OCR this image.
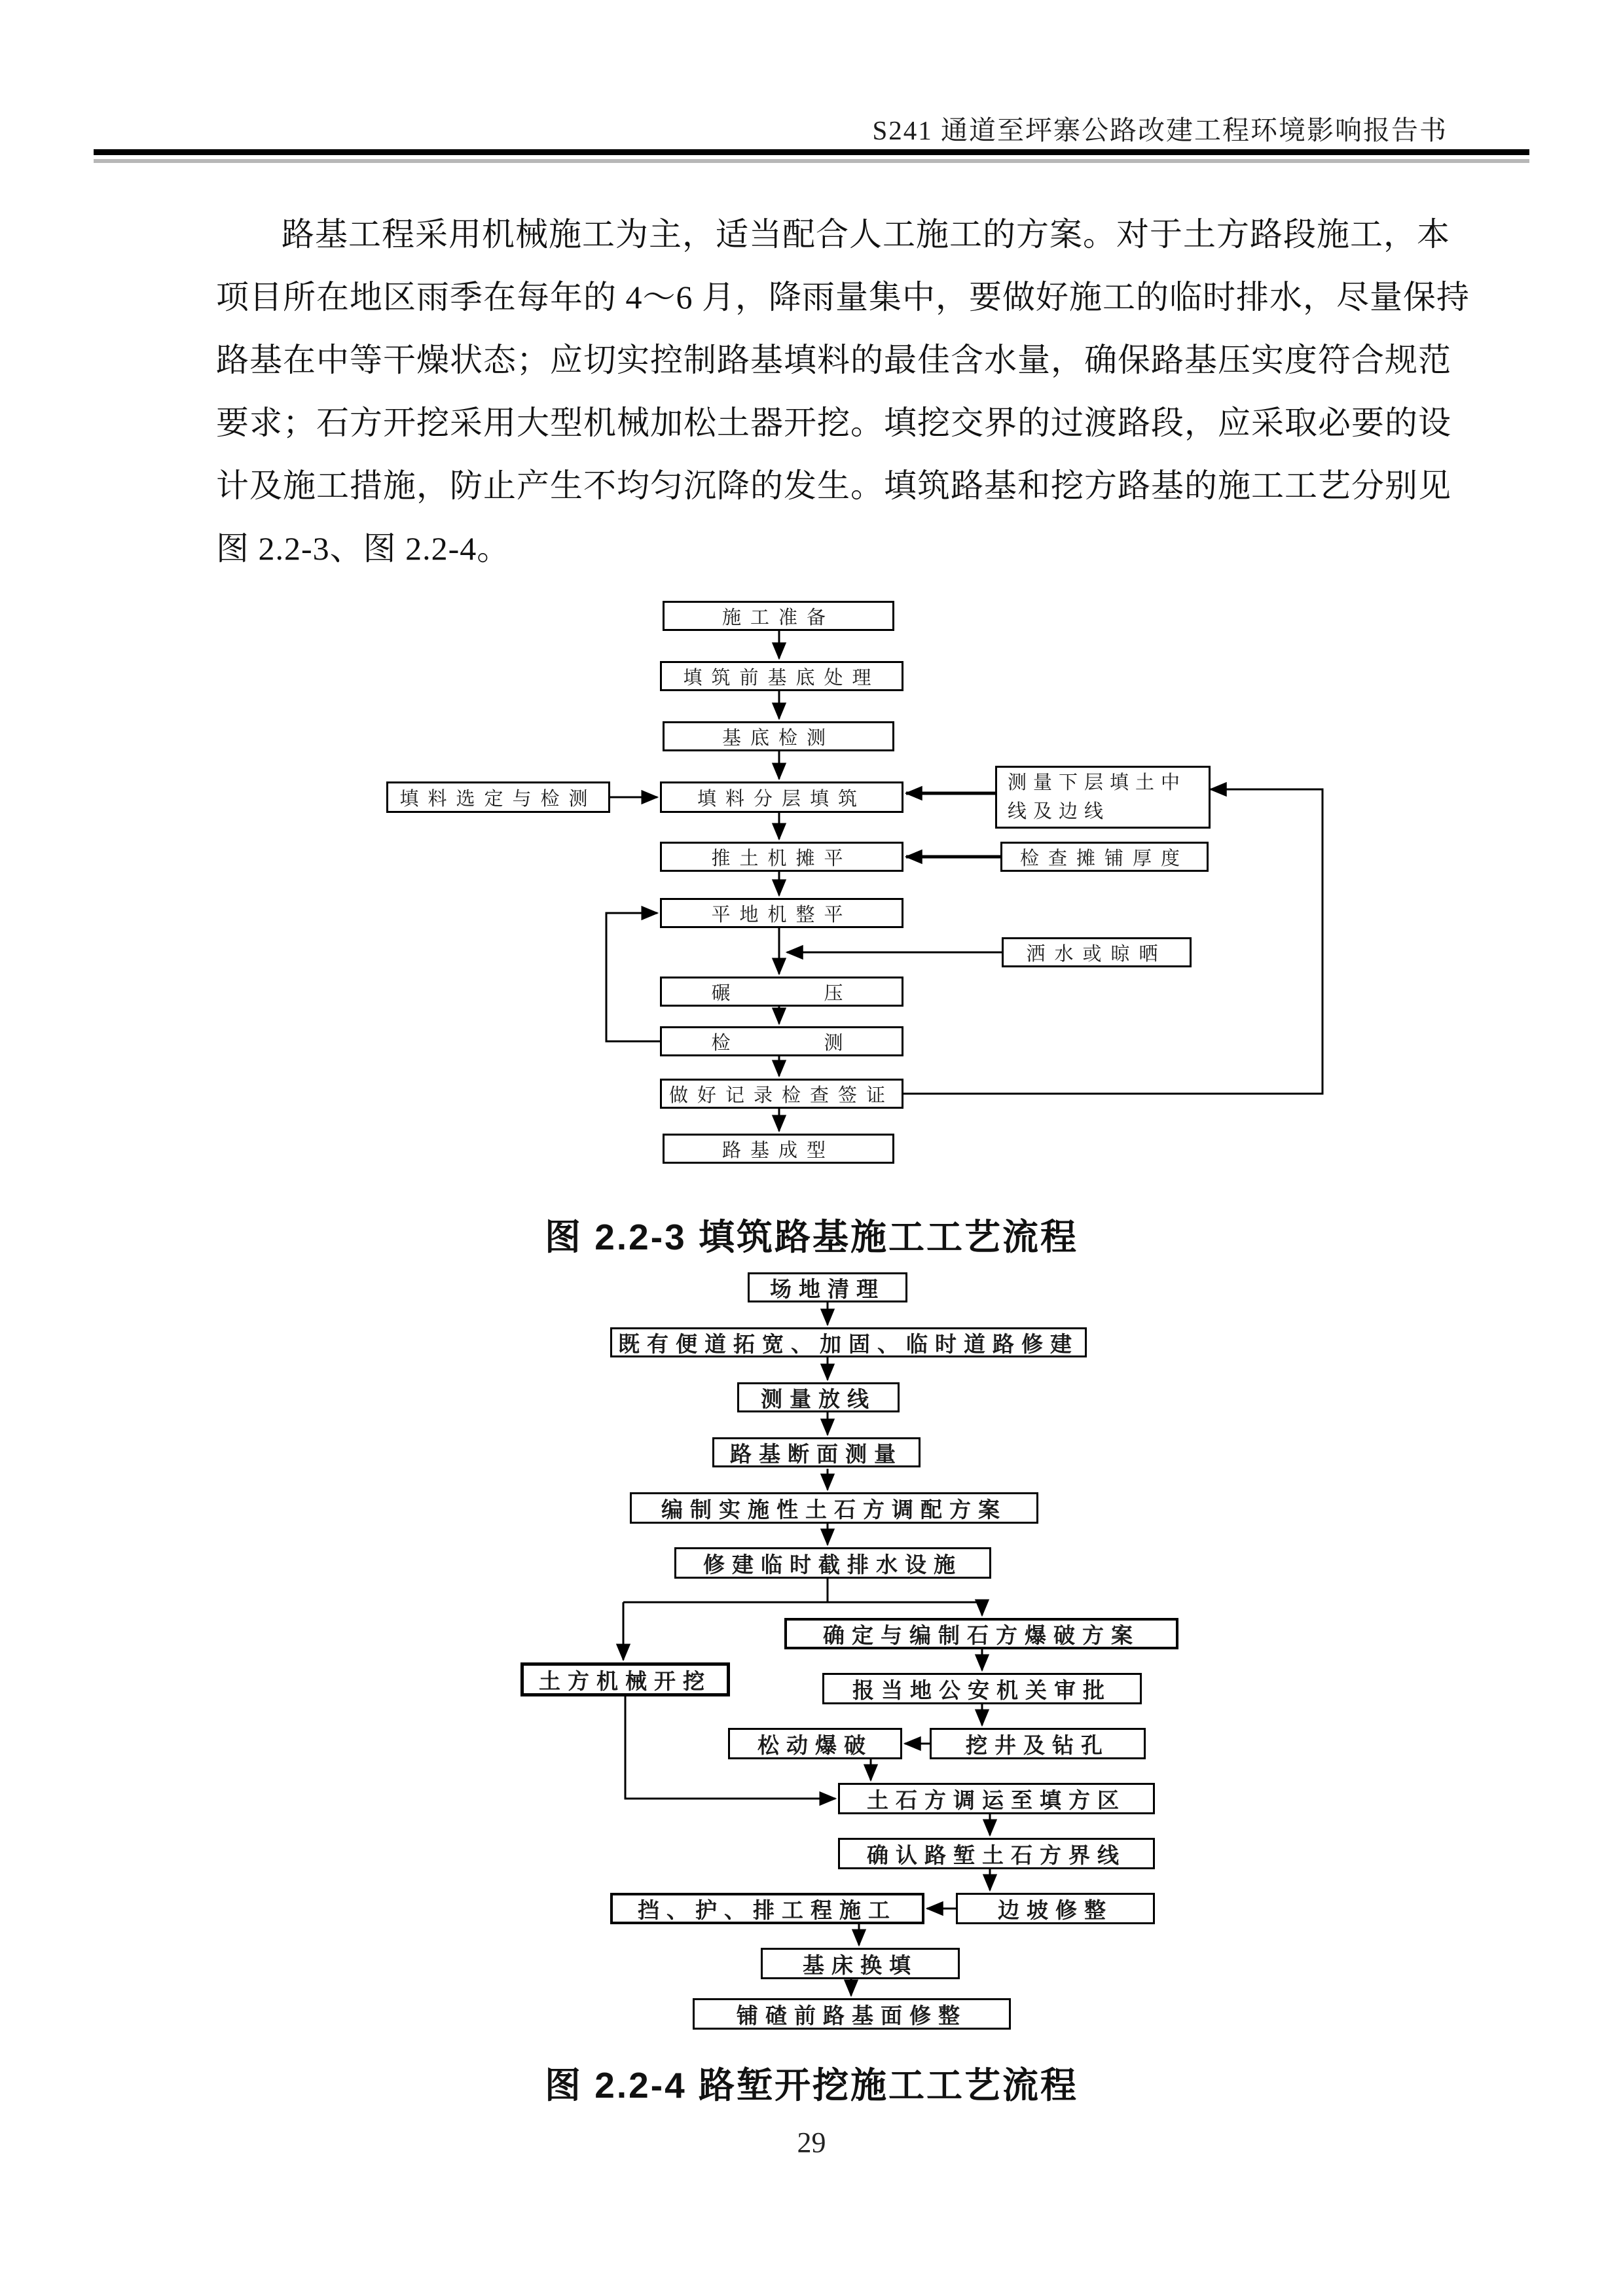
S241 通道至坪寨公路改建工程环境影响报告书
路基工程采用机械施工为主，适当配合人工施工的方案。对于土方路段施工，本
项目所在地区雨季在每年的 4～6 月，降雨量集中，要做好施工的临时排水，尽量保持
路基在中等干燥状态；应切实控制路基填料的最佳含水量，确保路基压实度符合规范
要求；石方开挖采用大型机械加松土器开挖。填挖交界的过渡路段，应采取必要的设
计及施工措施，防止产生不均匀沉降的发生。填筑路基和挖方路基的施工工艺分别见
图 2.2-3、图 2.2-4。
施工准备
填筑前基底处理
基底检测
填料分层填筑
填料选定与检测
测量下层填土中
线及边线
推土机摊平	检查摊铺厚度
平地机整平
洒水或晾晒
碾　　　压
检　　　测
做好记录检查签证
路基成型
图 2.2-3 填筑路基施工工艺流程
场地清理
既有便道拓宽、加固、临时道路修建
测量放线
路基断面测量
编制实施性土石方调配方案
修建临时截排水设施
确定与编制石方爆破方案
土方机械开挖	报当地公安机关审批
松动爆破	挖井及钻孔
土石方调运至填方区
确认路堑土石方界线
边坡修整
挡、护、排工程施工
基床换填
铺碴前路基面修整
图 2.2-4 路堑开挖施工工艺流程
29
